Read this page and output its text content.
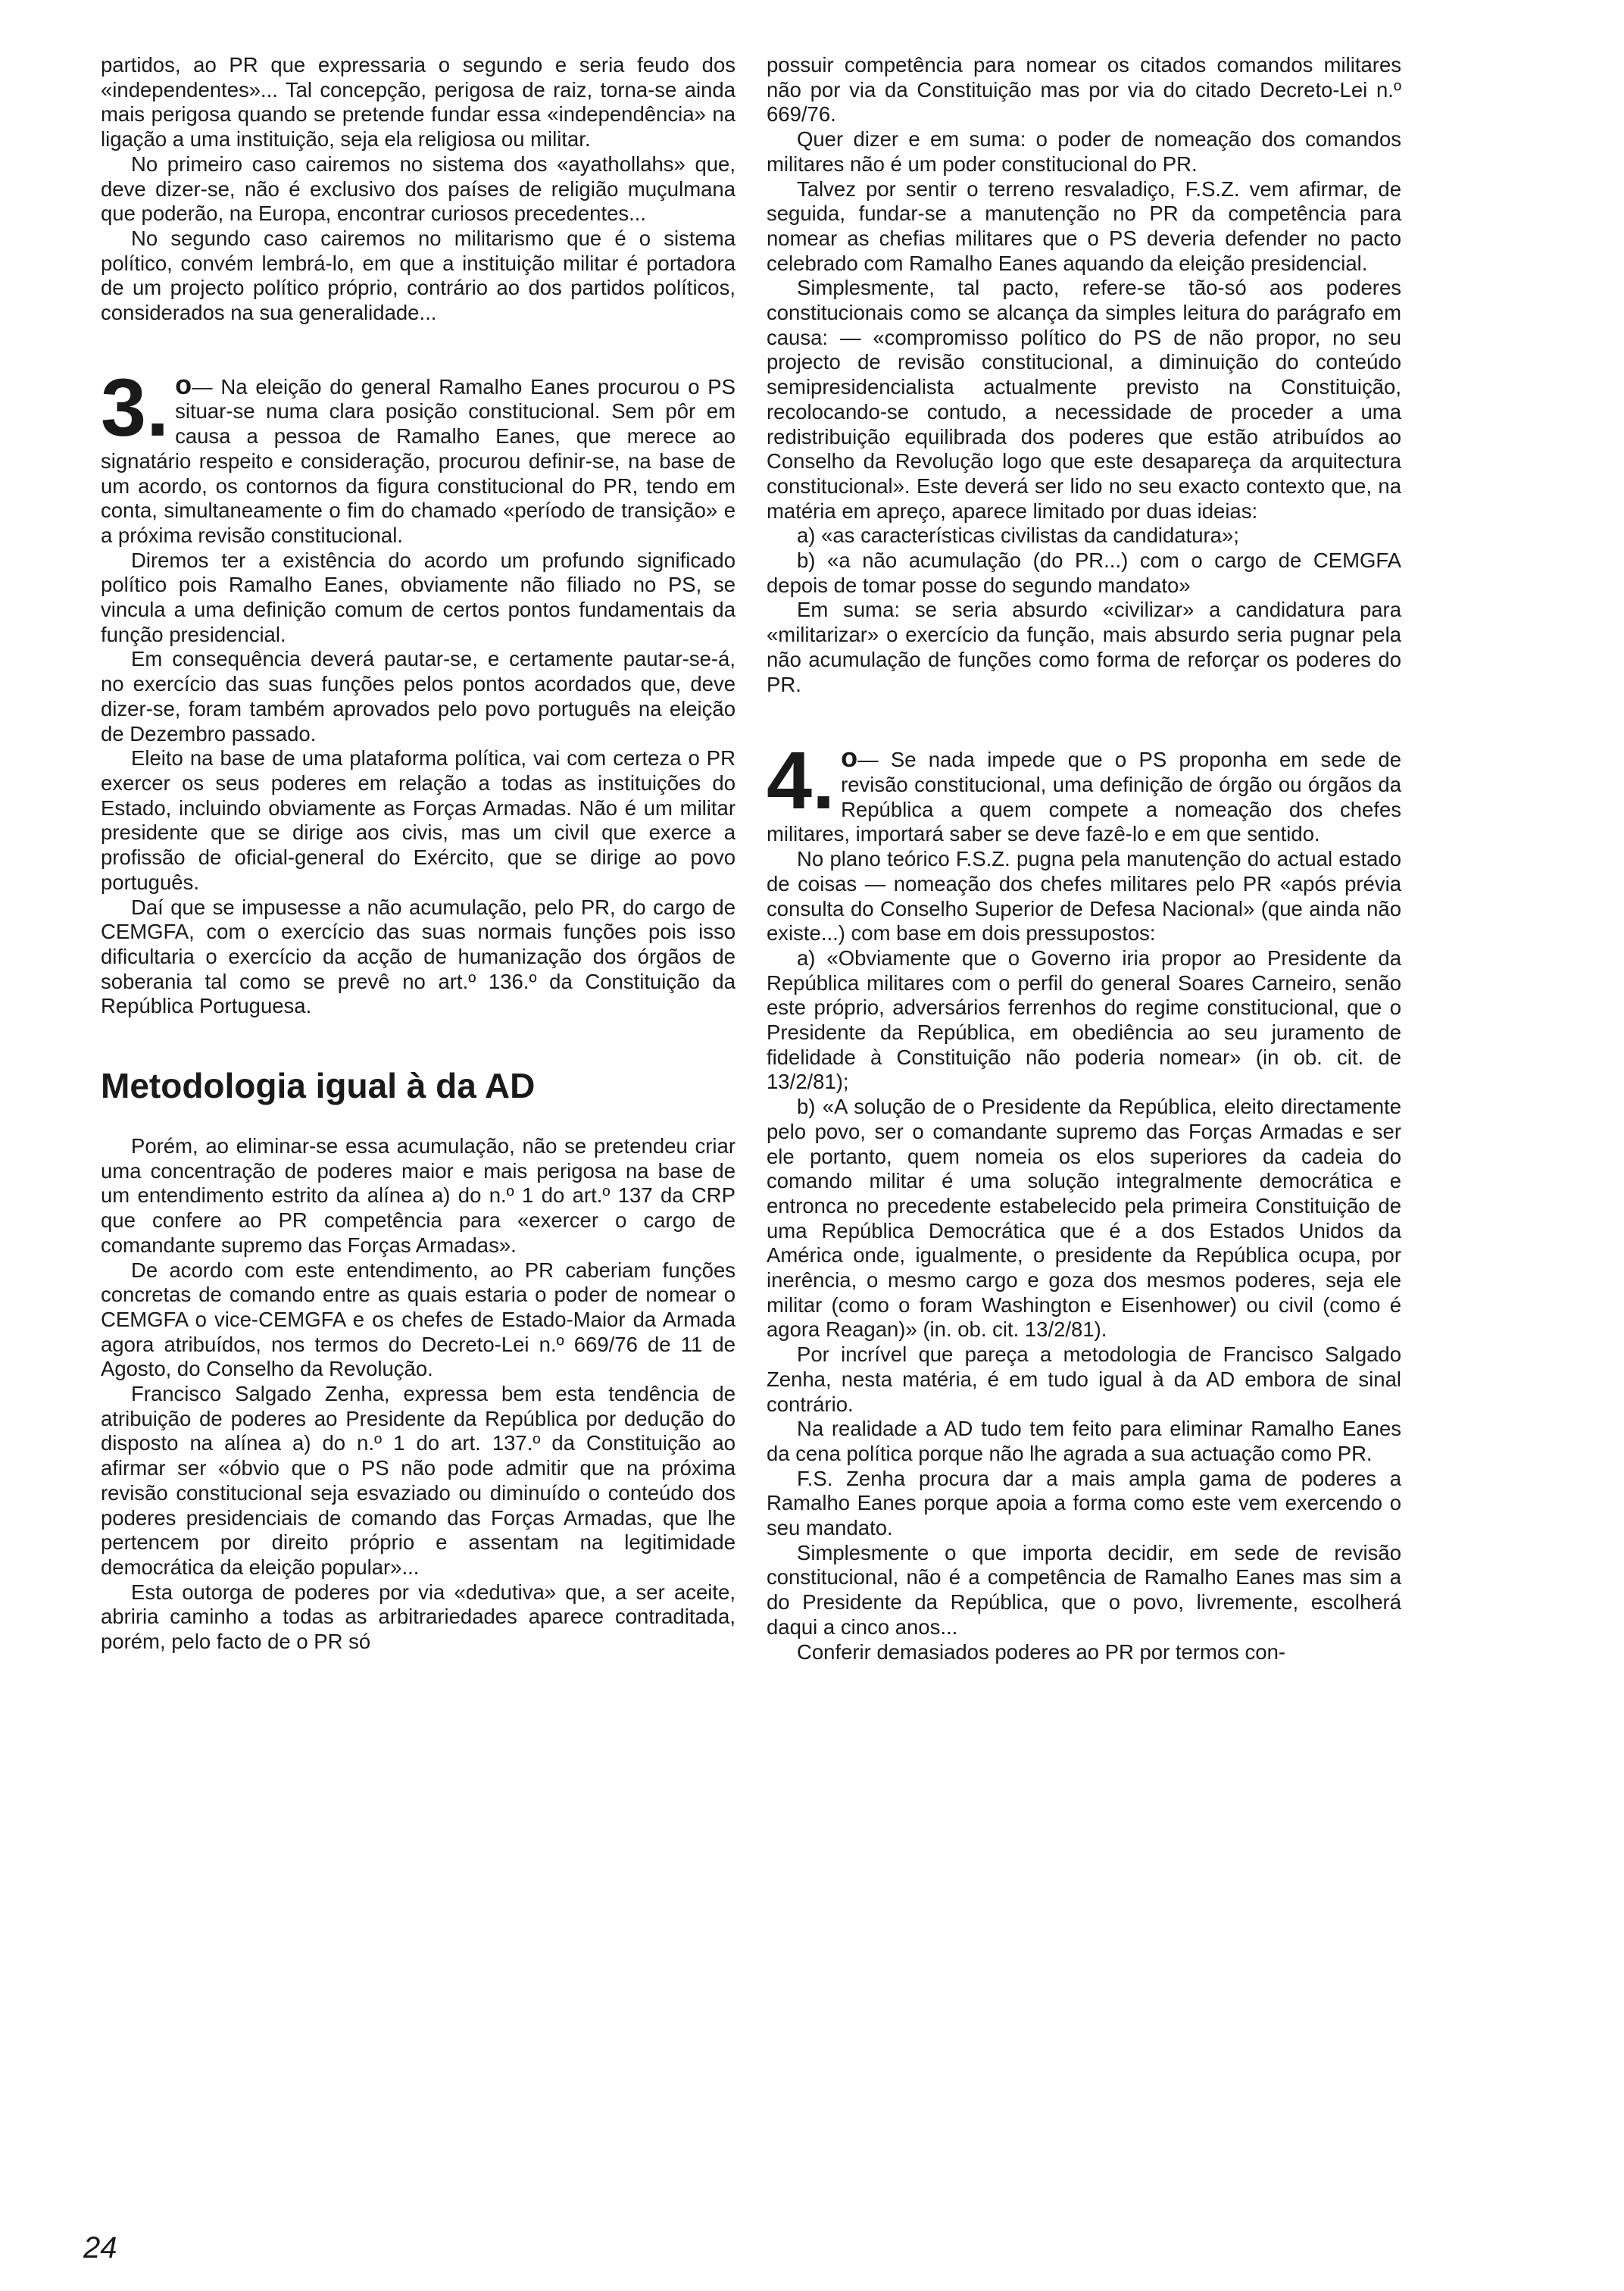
partidos, ao PR que expressaria o segundo e seria feudo dos «independentes»... Tal concepção, perigosa de raiz, torna-se ainda mais perigosa quando se pretende fundar essa «independência» na ligação a uma instituição, seja ela religiosa ou militar.

No primeiro caso cairemos no sistema dos «ayathollahs» que, deve dizer-se, não é exclusivo dos países de religião muçulmana que poderão, na Europa, encontrar curiosos precedentes...

No segundo caso cairemos no militarismo que é o sistema político, convém lembrá-lo, em que a instituição militar é portadora de um projecto político próprio, contrário ao dos partidos políticos, considerados na sua generalidade...

3. o— Na eleição do general Ramalho Eanes procurou o PS situar-se numa clara posição constitucional. Sem pôr em causa a pessoa de Ramalho Eanes, que merece ao signatário respeito e consideração, procurou definir-se, na base de um acordo, os contornos da figura constitucional do PR, tendo em conta, simultaneamente o fim do chamado «período de transição» e a próxima revisão constitucional.

Diremos ter a existência do acordo um profundo significado político pois Ramalho Eanes, obviamente não filiado no PS, se vincula a uma definição comum de certos pontos fundamentais da função presidencial.

Em consequência deverá pautar-se, e certamente pautar-se-á, no exercício das suas funções pelos pontos acordados que, deve dizer-se, foram também aprovados pelo povo português na eleição de Dezembro passado.

Eleito na base de uma plataforma política, vai com certeza o PR exercer os seus poderes em relação a todas as instituições do Estado, incluindo obviamente as Forças Armadas. Não é um militar presidente que se dirige aos civis, mas um civil que exerce a profissão de oficial-general do Exército, que se dirige ao povo português.

Daí que se impusesse a não acumulação, pelo PR, do cargo de CEMGFA, com o exercício das suas normais funções pois isso dificultaria o exercício da acção de humanização dos órgãos de soberania tal como se prevê no art.º 136.º da Constituição da República Portuguesa.

Metodologia igual à da AD

Porém, ao eliminar-se essa acumulação, não se pretendeu criar uma concentração de poderes maior e mais perigosa na base de um entendimento estrito da alínea a) do n.º 1 do art.º 137 da CRP que confere ao PR competência para «exercer o cargo de comandante supremo das Forças Armadas».

De acordo com este entendimento, ao PR caberiam funções concretas de comando entre as quais estaria o poder de nomear o CEMGFA o vice-CEMGFA e os chefes de Estado-Maior da Armada agora atribuídos, nos termos do Decreto-Lei n.º 669/76 de 11 de Agosto, do Conselho da Revolução.

Francisco Salgado Zenha, expressa bem esta tendência de atribuição de poderes ao Presidente da República por dedução do disposto na alínea a) do n.º 1 do art. 137.º da Constituição ao afirmar ser «óbvio que o PS não pode admitir que na próxima revisão constitucional seja esvaziado ou diminuído o conteúdo dos poderes presidenciais de comando das Forças Armadas, que lhe pertencem por direito próprio e assentam na legitimidade democrática da eleição popular»...

Esta outorga de poderes por via «dedutiva» que, a ser aceite, abriria caminho a todas as arbitrariedades aparece contraditada, porém, pelo facto de o PR só

possuir competência para nomear os citados comandos militares não por via da Constituição mas por via do citado Decreto-Lei n.º 669/76.

Quer dizer e em suma: o poder de nomeação dos comandos militares não é um poder constitucional do PR.

Talvez por sentir o terreno resvaladiço, F.S.Z. vem afirmar, de seguida, fundar-se a manutenção no PR da competência para nomear as chefias militares que o PS deveria defender no pacto celebrado com Ramalho Eanes aquando da eleição presidencial.

Simplesmente, tal pacto, refere-se tão-só aos poderes constitucionais como se alcança da simples leitura do parágrafo em causa: — «compromisso político do PS de não propor, no seu projecto de revisão constitucional, a diminuição do conteúdo semipresidencialista actualmente previsto na Constituição, recolocando-se contudo, a necessidade de proceder a uma redistribuição equilibrada dos poderes que estão atribuídos ao Conselho da Revolução logo que este desapareça da arquitectura constitucional». Este deverá ser lido no seu exacto contexto que, na matéria em apreço, aparece limitado por duas ideias:

a) «as características civilistas da candidatura»;

b) «a não acumulação (do PR...) com o cargo de CEMGFA depois de tomar posse do segundo mandato»

Em suma: se seria absurdo «civilizar» a candidatura para «militarizar» o exercício da função, mais absurdo seria pugnar pela não acumulação de funções como forma de reforçar os poderes do PR.

4. o— Se nada impede que o PS proponha em sede de revisão constitucional, uma definição de órgão ou órgãos da República a quem compete a nomeação dos chefes militares, importará saber se deve fazê-lo e em que sentido.

No plano teórico F.S.Z. pugna pela manutenção do actual estado de coisas — nomeação dos chefes militares pelo PR «após prévia consulta do Conselho Superior de Defesa Nacional» (que ainda não existe...) com base em dois pressupostos:

a) «Obviamente que o Governo iria propor ao Presidente da República militares com o perfil do general Soares Carneiro, senão este próprio, adversários ferrenhos do regime constitucional, que o Presidente da República, em obediência ao seu juramento de fidelidade à Constituição não poderia nomear» (in ob. cit. de 13/2/81);

b) «A solução de o Presidente da República, eleito directamente pelo povo, ser o comandante supremo das Forças Armadas e ser ele portanto, quem nomeia os elos superiores da cadeia do comando militar é uma solução integralmente democrática e entronca no precedente estabelecido pela primeira Constituição de uma República Democrática que é a dos Estados Unidos da América onde, igualmente, o presidente da República ocupa, por inerência, o mesmo cargo e goza dos mesmos poderes, seja ele militar (como o foram Washington e Eisenhower) ou civil (como é agora Reagan)» (in. ob. cit. 13/2/81).

Por incrível que pareça a metodologia de Francisco Salgado Zenha, nesta matéria, é em tudo igual à da AD embora de sinal contrário.

Na realidade a AD tudo tem feito para eliminar Ramalho Eanes da cena política porque não lhe agrada a sua actuação como PR.

F.S. Zenha procura dar a mais ampla gama de poderes a Ramalho Eanes porque apoia a forma como este vem exercendo o seu mandato.

Simplesmente o que importa decidir, em sede de revisão constitucional, não é a competência de Ramalho Eanes mas sim a do Presidente da República, que o povo, livremente, escolherá daqui a cinco anos...

Conferir demasiados poderes ao PR por termos con-

24
